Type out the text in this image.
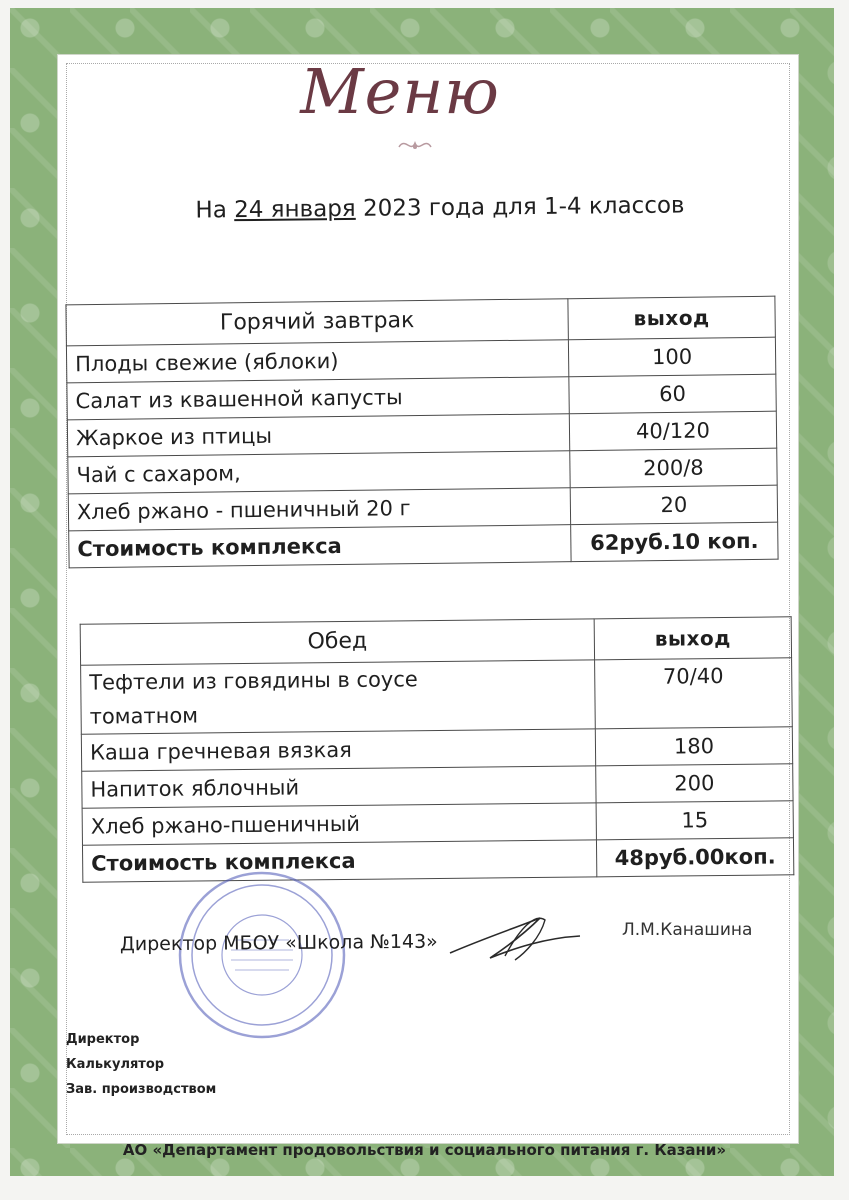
Меню
На 24 января 2023 года для 1-4 классов
Горячий завтрак	выход
Плоды свежие (яблоки)	100
Салат из квашенной капусты	60
Жаркое из птицы	40/120
Чай с сахаром,	200/8
Хлеб ржано - пшеничный 20 г	20
Стоимость комплекса	62руб.10 коп.
Обед	выход
Тефтели из говядины в соусе томатном	70/40
Каша гречневая вязкая	180
Напиток яблочный	200
Хлеб ржано-пшеничный	15
Стоимость комплекса	48руб.00коп.
Директор МБОУ «Школа №143»
Л.М.Канашина
Директор
Калькулятор
Зав. производством
АО «Департамент продовольствия и социального питания г. Казани»
